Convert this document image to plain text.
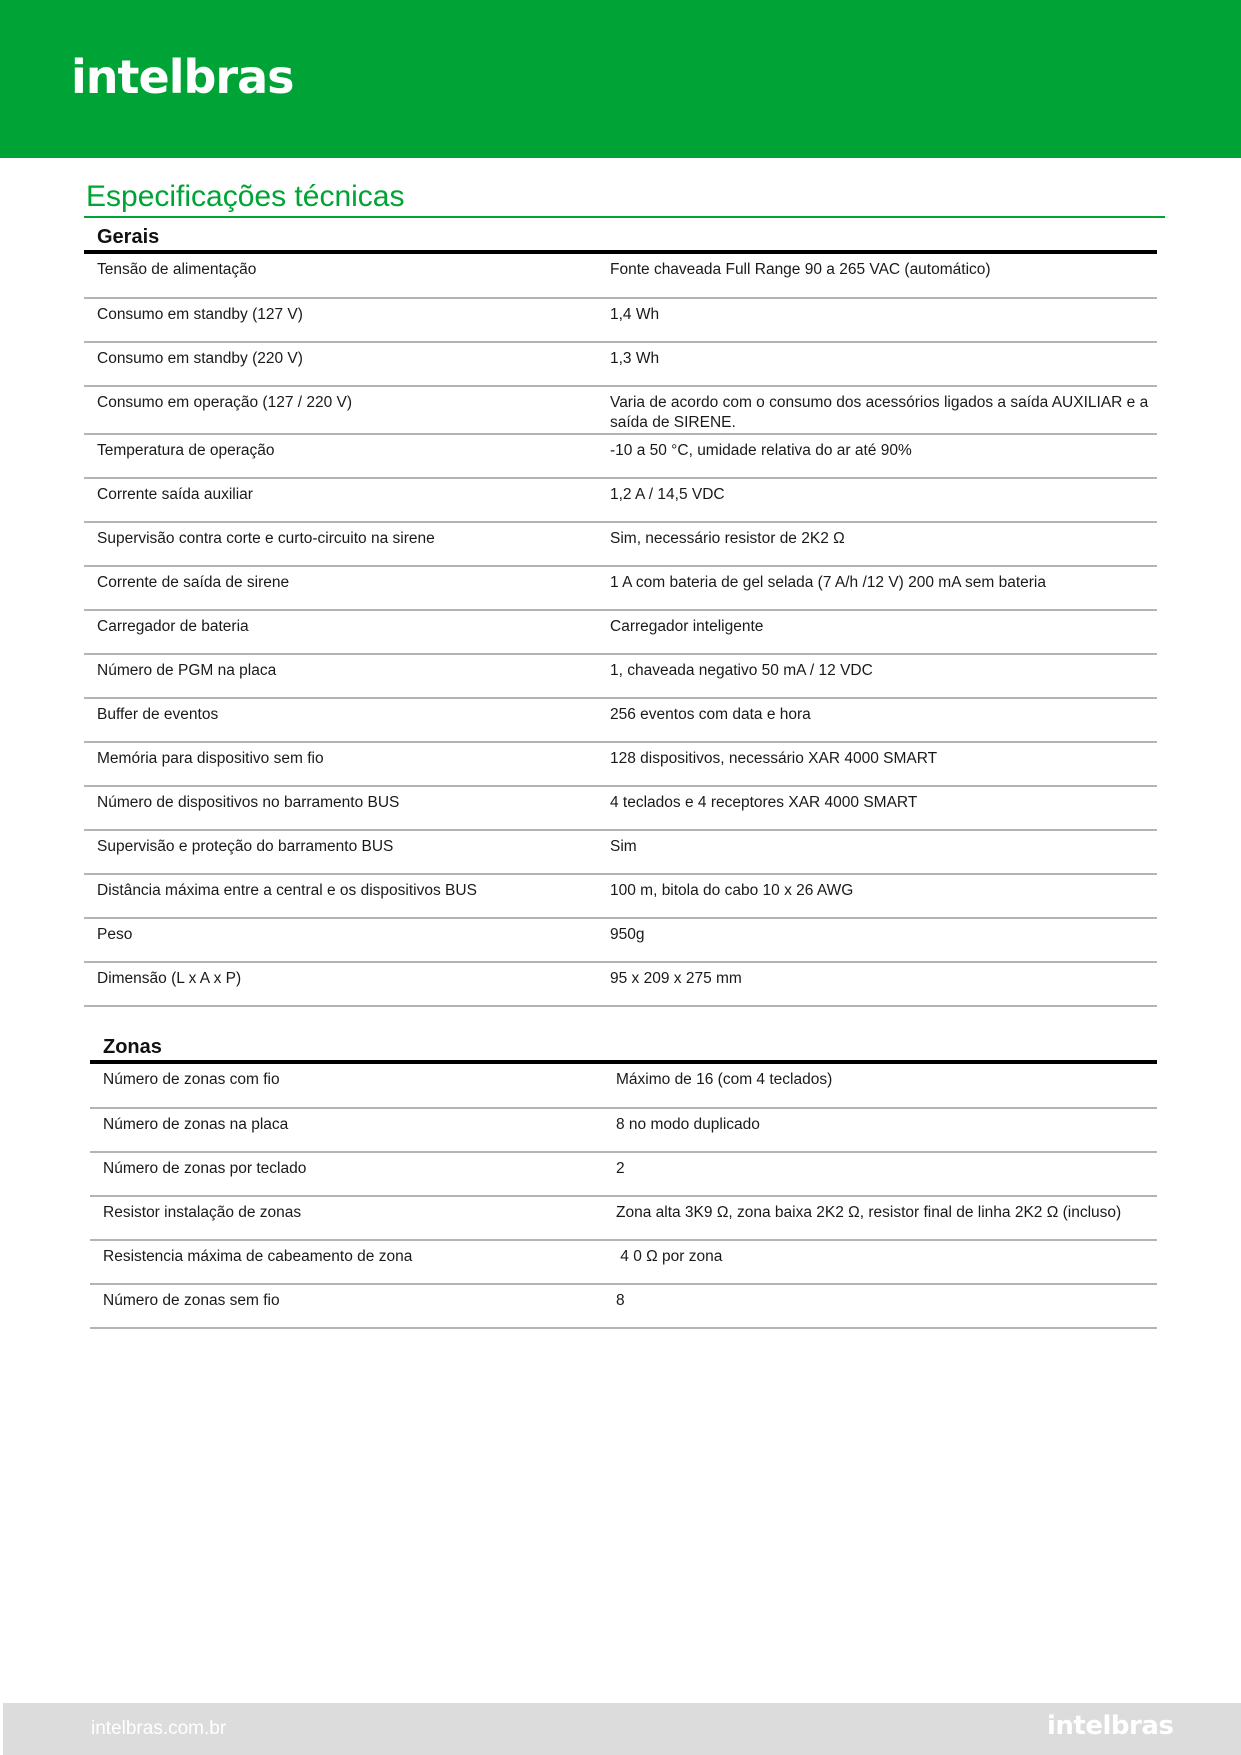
intelbras
Especificações técnicas
Gerais
Tensão de alimentação	Fonte chaveada Full Range 90 a 265 VAC (automático)
Consumo em standby (127 V)	1,4 Wh
Consumo em standby (220 V)	1,3 Wh
Consumo em operação (127 / 220 V)	Varia de acordo com o consumo dos acessórios ligados a saída AUXILIAR e a saída de SIRENE.
Temperatura de operação	-10 a 50 °C, umidade relativa do ar até 90%
Corrente saída auxiliar	1,2 A / 14,5 VDC
Supervisão contra corte e curto-circuito na sirene	Sim, necessário resistor de 2K2 Ω
Corrente de saída de sirene	1 A com bateria de gel selada (7 A/h /12 V) 200 mA sem bateria
Carregador de bateria	Carregador inteligente
Número de PGM na placa	1, chaveada negativo 50 mA / 12 VDC
Buffer de eventos	256 eventos com data e hora
Memória para dispositivo sem fio	128 dispositivos, necessário XAR 4000 SMART
Número de dispositivos no barramento BUS	4 teclados e 4 receptores XAR 4000 SMART
Supervisão e proteção do barramento BUS	Sim
Distância máxima entre a central e os dispositivos BUS	100 m, bitola do cabo 10 x 26 AWG
Peso	950g
Dimensão (L x A x P)	95 x 209 x 275 mm
Zonas
Número de zonas com fio	Máximo de 16 (com 4 teclados)
Número de zonas na placa	8 no modo duplicado
Número de zonas por teclado	2
Resistor instalação de zonas	Zona alta 3K9 Ω, zona baixa 2K2 Ω, resistor final de linha 2K2 Ω (incluso)
Resistencia máxima de cabeamento de zona	4 0 Ω por zona
Número de zonas sem fio	8
intelbras.com.br	intelbras
